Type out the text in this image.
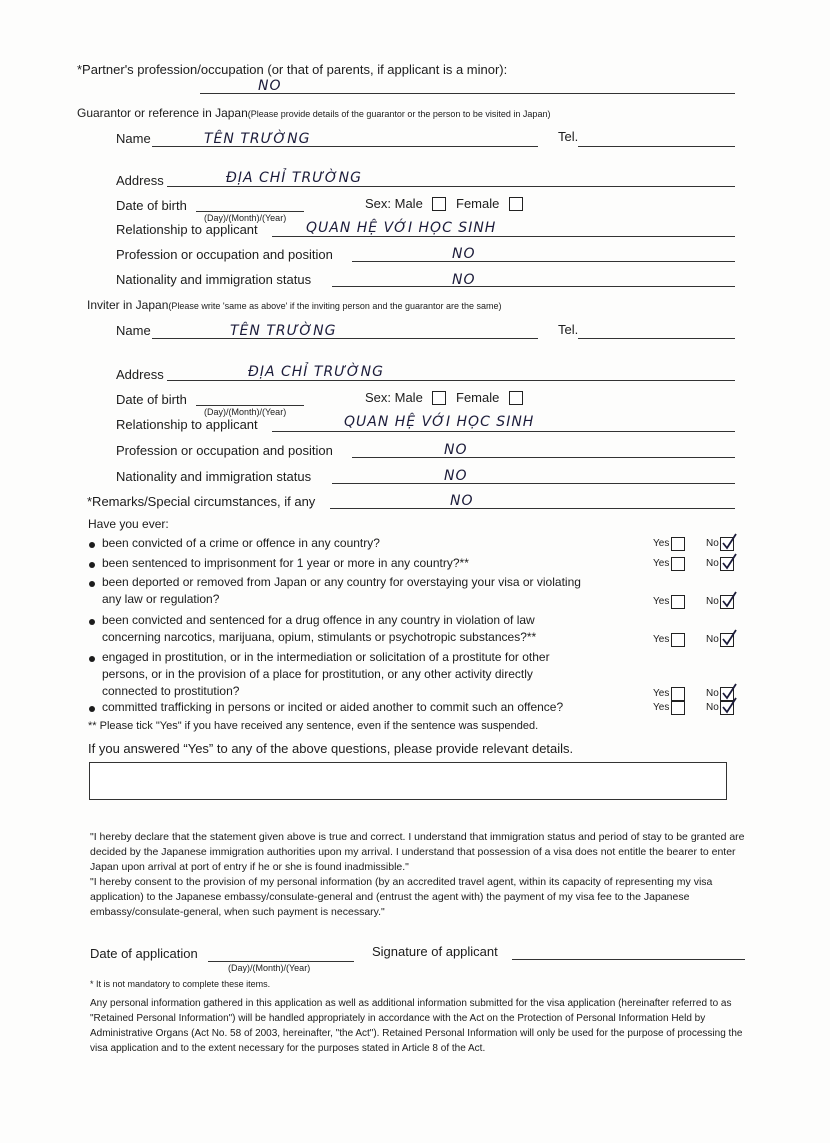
*Partner's profession/occupation (or that of parents, if applicant is a minor):
NO
Guarantor or reference in Japan(Please provide details of the guarantor or the person to be visited in Japan)
Name	TÊN TRƯỜNG	Tel.
Address	ĐỊA CHỈ TRƯỜNG
Date of birth
(Day)/(Month)/(Year)
Sex: Male	Female
Relationship to applicant	QUAN HỆ VỚI HỌC SINH
Profession or occupation and position	NO
Nationality and immigration status	NO
Inviter in Japan(Please write 'same as above' if the inviting person and the guarantor are the same)
Name	TÊN TRƯỜNG	Tel.
Address	ĐỊA CHỈ TRƯỜNG
Date of birth
(Day)/(Month)/(Year)
Sex: Male	Female
Relationship to applicant	QUAN HỆ VỚI HỌC SINH
Profession or occupation and position	NO
Nationality and immigration status	NO
*Remarks/Special circumstances, if any	NO
Have you ever:
been convicted of a crime or offence in any country?	Yes	No
been sentenced to imprisonment for 1 year or more in any country?**	Yes	No
been deported or removed from Japan or any country for overstaying your visa or violating
any law or regulation?	Yes	No
been convicted and sentenced for a drug offence in any country in violation of law
concerning narcotics, marijuana, opium, stimulants or psychotropic substances?**	Yes	No
engaged in prostitution, or in the intermediation or solicitation of a prostitute for other
persons, or in the provision of a place for prostitution, or any other activity directly
connected to prostitution?	Yes	No
committed trafficking in persons or incited or aided another to commit such an offence?	Yes	No
** Please tick "Yes" if you have received any sentence, even if the sentence was suspended.
If you answered “Yes” to any of the above questions, please provide relevant details.

"I hereby declare that the statement given above is true and correct. I understand that immigration status and period of stay to be granted are decided by the Japanese immigration authorities upon my arrival. I understand that possession of a visa does not entitle the bearer to enter Japan upon arrival at port of entry if he or she is found inadmissible."

"I hereby consent to the provision of my personal information (by an accredited travel agent, within its capacity of representing my visa application) to the Japanese embassy/consulate-general and (entrust the agent with) the payment of my visa fee to the Japanese embassy/consulate-general, when such payment is necessary."

Date of application
(Day)/(Month)/(Year)
Signature of applicant
* It is not mandatory to complete these items.
Any personal information gathered in this application as well as additional information submitted for the visa application (hereinafter referred to as "Retained Personal Information") will be handled appropriately in accordance with the Act on the Protection of Personal Information Held by Administrative Organs (Act No. 58 of 2003, hereinafter, "the Act"). Retained Personal Information will only be used for the purpose of processing the visa application and to the extent necessary for the purposes stated in Article 8 of the Act.
